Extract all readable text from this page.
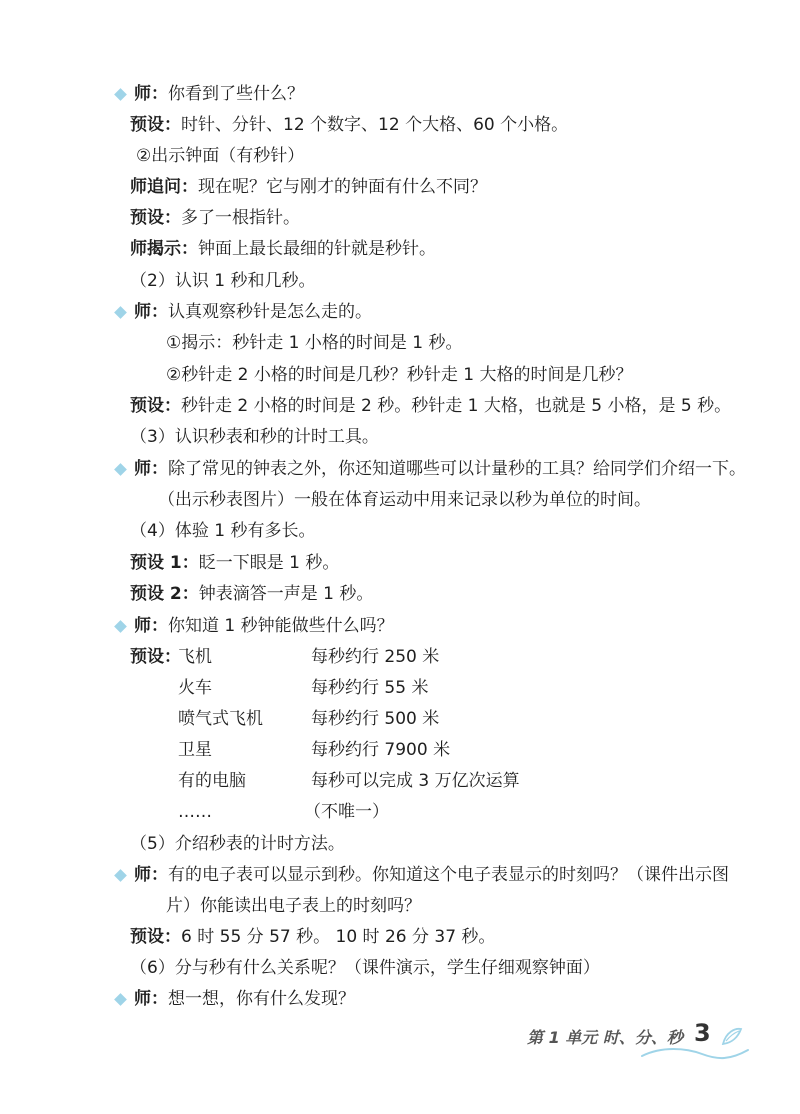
师：你看到了些什么？
预设：时针、分针、12 个数字、12 个大格、60 个小格。
②出示钟面（有秒针）
师追问：现在呢？它与刚才的钟面有什么不同？
预设：多了一根指针。
师揭示：钟面上最长最细的针就是秒针。
（2）认识 1 秒和几秒。
师：认真观察秒针是怎么走的。
①揭示：秒针走 1 小格的时间是 1 秒。
②秒针走 2 小格的时间是几秒？秒针走 1 大格的时间是几秒？
预设：秒针走 2 小格的时间是 2 秒。秒针走 1 大格，也就是 5 小格，是 5 秒。
（3）认识秒表和秒的计时工具。
师：除了常见的钟表之外，你还知道哪些可以计量秒的工具？给同学们介绍一下。
（出示秒表图片）一般在体育运动中用来记录以秒为单位的时间。
（4）体验 1 秒有多长。
预设 1：眨一下眼是 1 秒。
预设 2：钟表滴答一声是 1 秒。
师：你知道 1 秒钟能做些什么吗？
预设：
飞机	每秒约行 250 米
火车	每秒约行 55 米
喷气式飞机	每秒约行 500 米
卫星	每秒约行 7900 米
有的电脑	每秒可以完成 3 万亿次运算
……	（不唯一）
（5）介绍秒表的计时方法。
师：有的电子表可以显示到秒。你知道这个电子表显示的时刻吗？（课件出示图
片）你能读出电子表上的时刻吗？
预设：6 时 55 分 57 秒。 10 时 26 分 37 秒。
（6）分与秒有什么关系呢？（课件演示，学生仔细观察钟面）
师：想一想，你有什么发现？
第 1 单元 时、分、秒 3
